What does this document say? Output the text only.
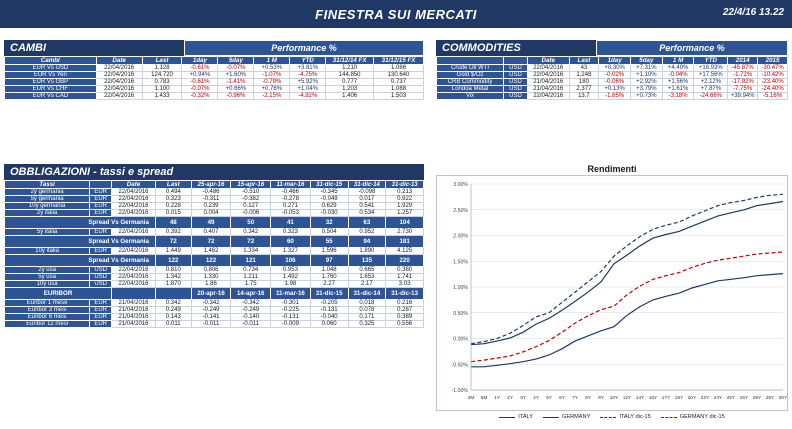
FINESTRA SUI MERCATI	22/4/16 13.22
CAMBI	Performance %
Cambi	Date	Last	1day	5day	1 M	YTD	31/12/14 FX	31/12/15 FX
EUR Vs USD	22/04/2016	1.128	-0.61%	-0.07%	+0.53%	+3.81%	1.210	1.086
EUR Vs Yen	22/04/2016	124.720	+0.94%	+1.60%	-1.07%	-4.75%	144.850	130.640
EUR Vs GBP	22/04/2016	0.783	-0.61%	-1.41%	-0.79%	+5.92%	0.777	0.737
EUR Vs CHF	22/04/2016	1.100	-0.07%	+0.66%	+0.76%	+1.04%	1.203	1.088
EUR Vs CAD	22/04/2016	1.433	-0.32%	-0.96%	-2.15%	-4.92%	1.406	1.503
COMMODITIES	Performance %
		Date	Last	1day	5day	1 M	YTD	2014	2015
Crude Oil WTI	USD	22/04/2016	43	+0.30%	+7.31%	+4.49%	+16.93%	-45.87%	-30.47%
Gold $/Oz	USD	22/04/2016	1,248	-0.02%	+1.10%	-0.04%	+17.56%	-1.72%	-10.42%
CRB Commodity	USD	21/04/2016	180	-0.06%	+2.92%	+1.56%	+2.12%	-17.92%	-23.40%
Londoa Metal	USD	21/04/2016	2,377	+0.13%	+3.79%	+1.61%	+7.87%	-7.75%	-24.40%
Vix	USD	22/04/2016	13.7	-1.65%	+0.73%	-3.18%	-24.66%	+39.94%	-5.16%
OBBLIGAZIONI - tassi e spread
Tassi		Date	Last	25-apr-16	15-apr-16	11-mar-16	31-dic-15	31-dic-14	31-dic-13
2y germania	EUR	22/04/2016	0.494	-0.486	-0.510	-0.466	-0.345	-0.098	0.213
5y germania	EUR	22/04/2016	0.323	-0.311	-0.382	-0.278	-0.049	0.017	0.922
10y germania	EUR	22/04/2016	0.228	0.239	0.127	0.271	0.629	0.541	1.929
2y italia	EUR	22/04/2016	0.015	0.004	-0.006	-0.053	-0.030	0.534	1.257
Spread Vs Germania			48	49	50	41	32	63	104
5y italia	EUR	22/04/2016	0.392	0.407	0.342	0.323	0.504	0.952	2.730
Spread Vs Germania			72	72	72	60	55	94	181
10y italia	EUR	22/04/2016	1.449	1.462	1.334	1.327	1.596	1.890	4.125
Spread Vs Germania			122	122	121	106	97	135	220
2y usa	USD	22/04/2016	0.810	0.806	0.734	0.953	1.048	0.665	0.380
5y usa	USD	22/04/2016	1.342	1.330	1.211	1.492	1.760	1.653	1.741
10y usa	USD	22/04/2016	1.870	1.86	1.75	1.98	2.27	2.17	3.03
EURIBOR				20-apr-16	14-apr-16	11-mar-16	31-dic-15	31-dic-14	31-dic-13
Euribor 1 mese	EUR	21/04/2016	0.342	-0.342	-0.342	-0.301	-0.205	0.018	0.216
Euribor 3 mesi	EUR	21/04/2016	0.249	-0.249	-0.249	-0.225	-0.131	0.078	0.287
Euribor 6 mesi	EUR	21/04/2016	0.143	-0.141	-0.140	-0.131	-0.040	0.171	0.389
Euribor 12 mesi	EUR	21/04/2016	0.011	-0.011	-0.011	-0.009	0.060	0.325	0.556
Rendimenti
3.00%
2.50%
2.00%
1.50%
1.00%
0.50%
0.00%
-0.50%
-1.00%
3M 6M 1Y 2Y 3Y 4Y 5Y 6Y 7Y 8Y 9Y 10Y 12Y 14Y 16Y 17Y 18Y 20Y 22Y 24Y 25Y 26Y 28Y 29Y 30Y
ITALY	GERMANY	ITALY dic-15	GERMANY dic-15
